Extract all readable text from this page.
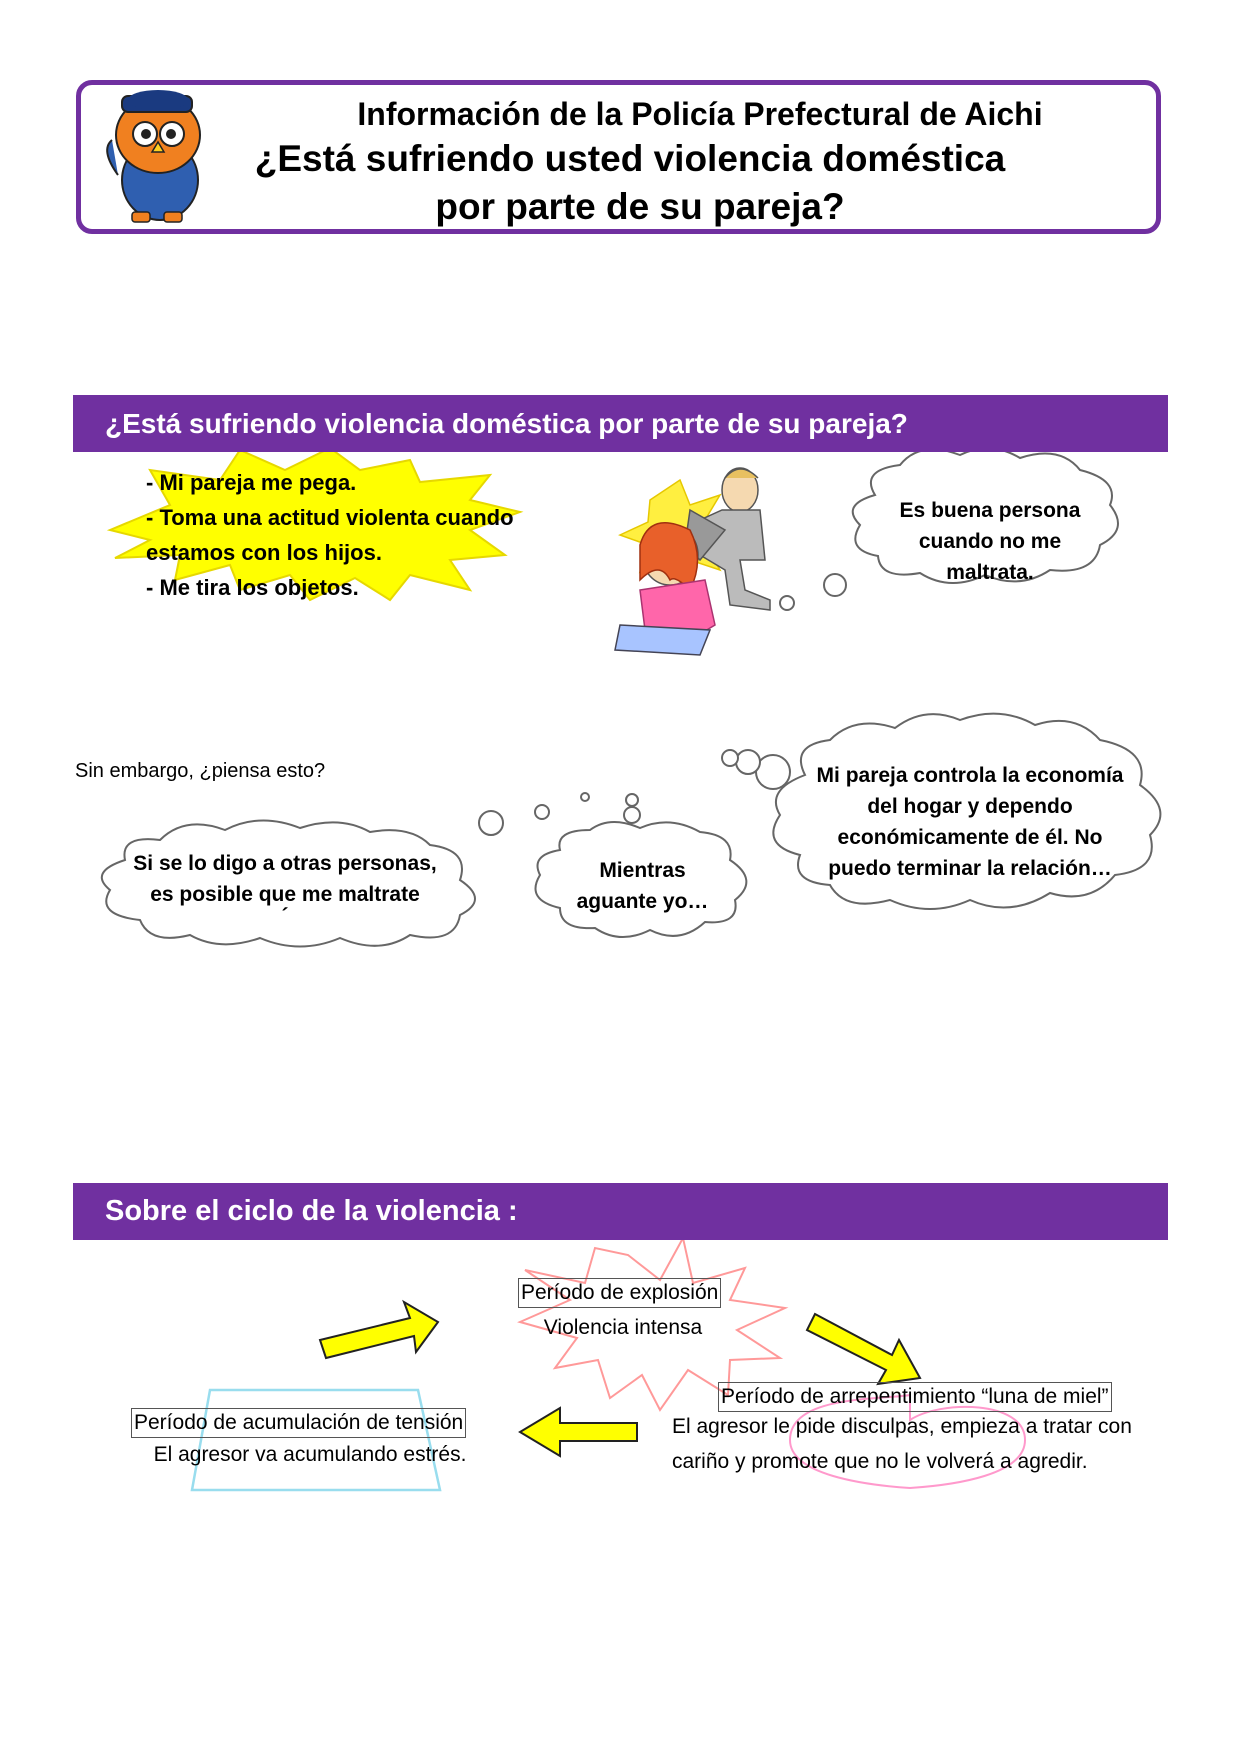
Información de la Policía Prefectural de Aichi
¿Está sufriendo usted violencia doméstica
por parte de su pareja?
¿Está sufriendo violencia doméstica por parte de su pareja?
- Mi pareja me pega.
- Toma una actitud violenta cuando
estamos con los hijos.
- Me tira los objetos.
Es buena persona
cuando no me maltrata.
Sin embargo, ¿piensa esto?
Si se lo digo a otras personas,
es posible que me maltrate
´
Mientras
aguante yo…
Mi pareja controla la economía
del hogar y dependo
económicamente de él. No
puedo terminar la relación…
Sobre el ciclo de la violencia :
Período de explosión
Violencia intensa
Período de arrepentimiento “luna de miel”
El agresor le pide disculpas, empieza a tratar con
cariño y promote que no le volverá a agredir.
Período de acumulación de tensión
El agresor va acumulando estrés.
